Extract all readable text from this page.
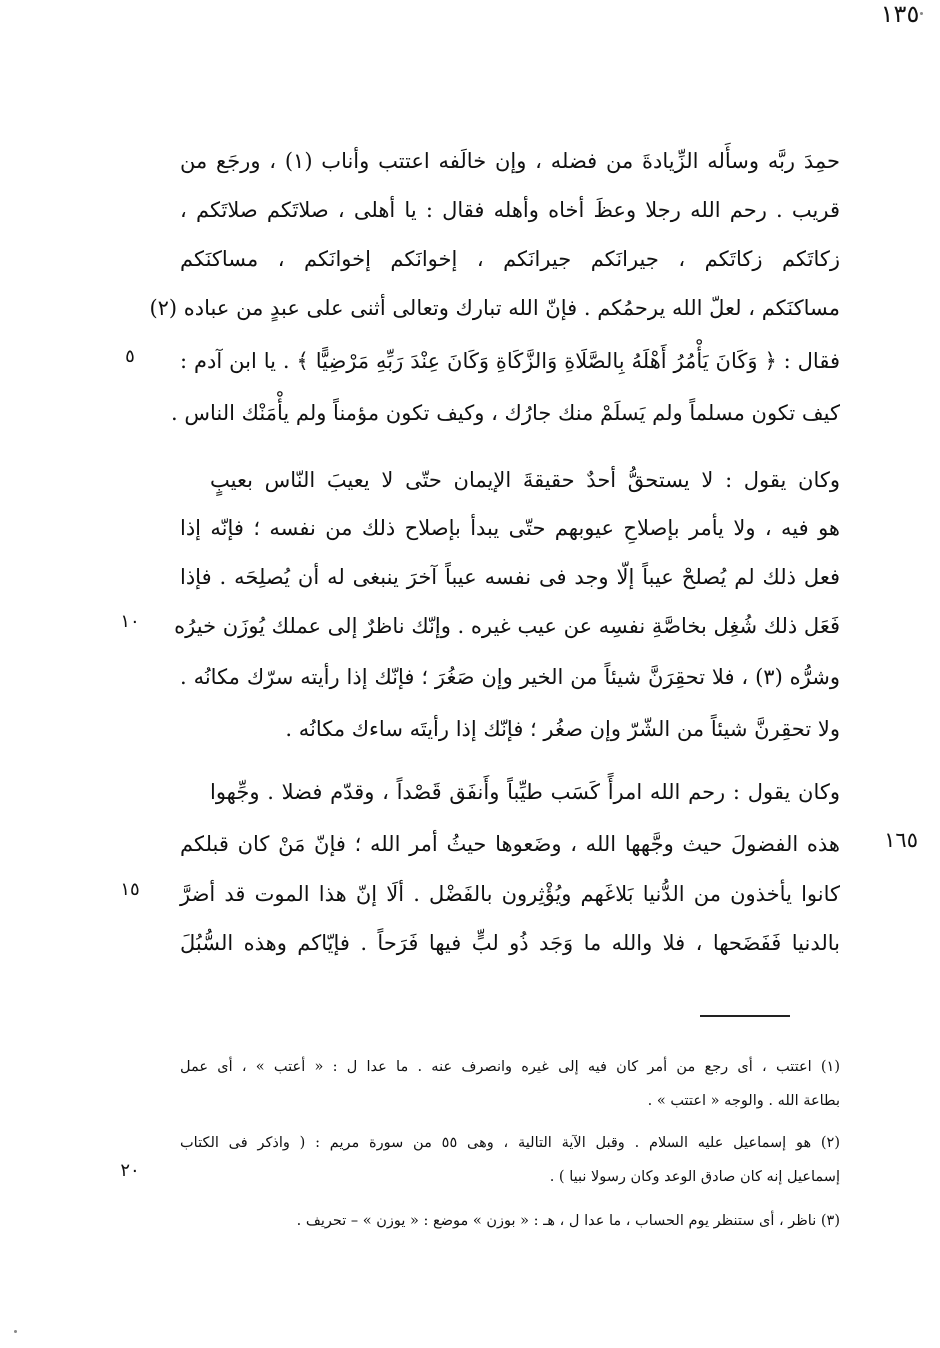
١٣٥
حمِدَ ربَّه وسأَله الزِّيادةَ من فضله ، وإن خالَفه اعتتب وأناب (١) ، ورجَع من
قريب . رحم الله رجلا وعظَ أخاه وأهله فقال : يا أهلى ، صلاتَكم صلاتَكم ،
زكاتَكم زكاتَكم ، جيرانَكم جيرانَكم ، إخوانَكم إخوانَكم ، مساكنَكم
مساكنَكم ، لعلّ الله يرحمُكم . فإنّ الله تبارك وتعالى أثنى على عبدٍ من عباده (٢)
فقال : ﴿ وَكَانَ يَأْمُرُ أَهْلَهُ بِالصَّلَاةِ وَالزَّكَاةِ وَكَانَ عِنْدَ رَبِّهِ مَرْضِيًّا ﴾ . يا ابن آدم :
كيف تكون مسلماً ولم يَسلَمْ منك جارُك ، وكيف تكون مؤمناً ولم يأْمَنْك الناس .
وكان يقول : لا يستحقُّ أحدٌ حقيقةَ الإيمان حتّى لا يعيبَ النّاس بعيبٍ
هو فيه ، ولا يأمر بإصلاحِ عيوبهم حتّى يبدأ بإصلاح ذلك من نفسه ؛ فإنّه إذا
فعل ذلك لم يُصلحْ عيباً إلّا وجد فى نفسه عيباً آخرَ ينبغى له أن يُصلِحَه . فإذا
فَعَل ذلك شُغِل بخاصَّةِ نفسِه عن عيب غيره . وإنّك ناظرٌ إلى عملك يُوزَن خيرُه
وشرُّه (٣) ، فلا تحقِرَنَّ شيئاً من الخير وإن صَغُرَ ؛ فإنّك إذا رأيته سرّك مكانُه .
ولا تحقِرنَّ شيئاً من الشّرّ وإن صغُر ؛ فإنّك إذا رأيتَه ساءك مكانُه .
وكان يقول : رحم الله امرأً كَسَب طيِّباً وأَنفَق قَصْداً ، وقدّم فضلا . وجِّهوا
هذه الفضولَ حيث وجَّهها الله ، وضَعوها حيثُ أمر الله ؛ فإنّ مَنْ كان قبلكم
كانوا يأخذون من الدُّنيا بَلاغَهم ويُؤْثِرون بالفَضْل . ألَا إنّ هذا الموت قد أضرَّ
بالدنيا فَفَضَحها ، فلا والله ما وَجَد ذُو لبٍّ فيها فَرَحاً . فإيّاكم وهذه السُّبُلَ
٥
١٠
١٥
٢٠
١٦٥
(١) اعتتب ، أى رجع من أمر كان فيه إلى غيره وانصرف عنه . ما عدا ل : « أعتب » ، أى عمل
بطاعة الله . والوجه « اعتتب » .
(٢) هو إسماعيل عليه السلام . وقبل الآية التالية ، وهى ٥٥ من سورة مريم : ( واذكر فى الكتاب
إسماعيل إنه كان صادق الوعد وكان رسولا نبيا ) .
(٣) ناظر ، أى ستنظر يوم الحساب ، ما عدا ل ، هـ : « بوزن » موضع : « يوزن » – تحريف .
